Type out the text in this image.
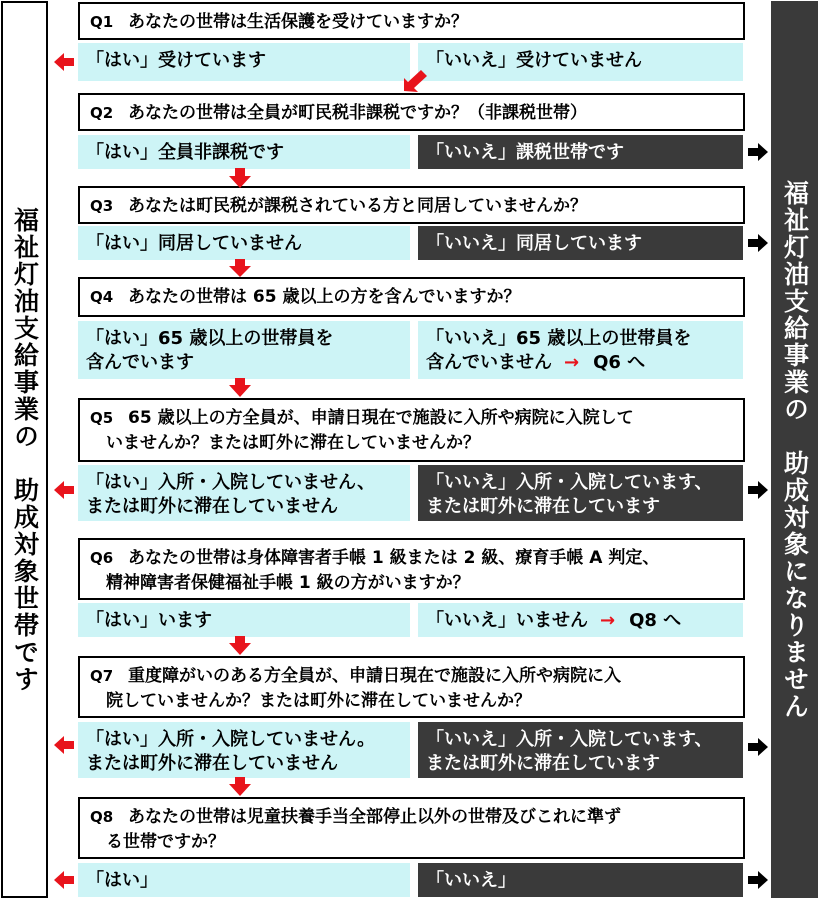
福祉灯油支給事業の　助成対象世帯です	福祉灯油支給事業の　助成対象になりません
Q1 あなたの世帯は生活保護を受けていますか？
「はい」受けています	「いいえ」受けていません
Q2 あなたの世帯は全員が町民税非課税ですか？（非課税世帯）
「はい」全員非課税です	「いいえ」課税世帯です
Q3 あなたは町民税が課税されている方と同居していませんか？
「はい」同居していません	「いいえ」同居しています
Q4 あなたの世帯は 65 歳以上の方を含んでいますか？
「はい」65 歳以上の世帯員を
含んでいます
「いいえ」65 歳以上の世帯員を
含んでいません → Q6 へ
Q5 65 歳以上の方全員が、申請日現在で施設に入所や病院に入院して
いませんか？または町外に滞在していませんか？
「はい」入所・入院していません、
または町外に滞在していません
「いいえ」入所・入院しています、
または町外に滞在しています
Q6 あなたの世帯は身体障害者手帳 1 級または 2 級、療育手帳 A 判定、
精神障害者保健福祉手帳 1 級の方がいますか？
「はい」います	「いいえ」いません → Q8 へ
Q7 重度障がいのある方全員が、申請日現在で施設に入所や病院に入
院していませんか？または町外に滞在していませんか？
「はい」入所・入院していません。
または町外に滞在していません
「いいえ」入所・入院しています、
または町外に滞在しています
Q8 あなたの世帯は児童扶養手当全部停止以外の世帯及びこれに準ず
る世帯ですか？
「はい」	「いいえ」
